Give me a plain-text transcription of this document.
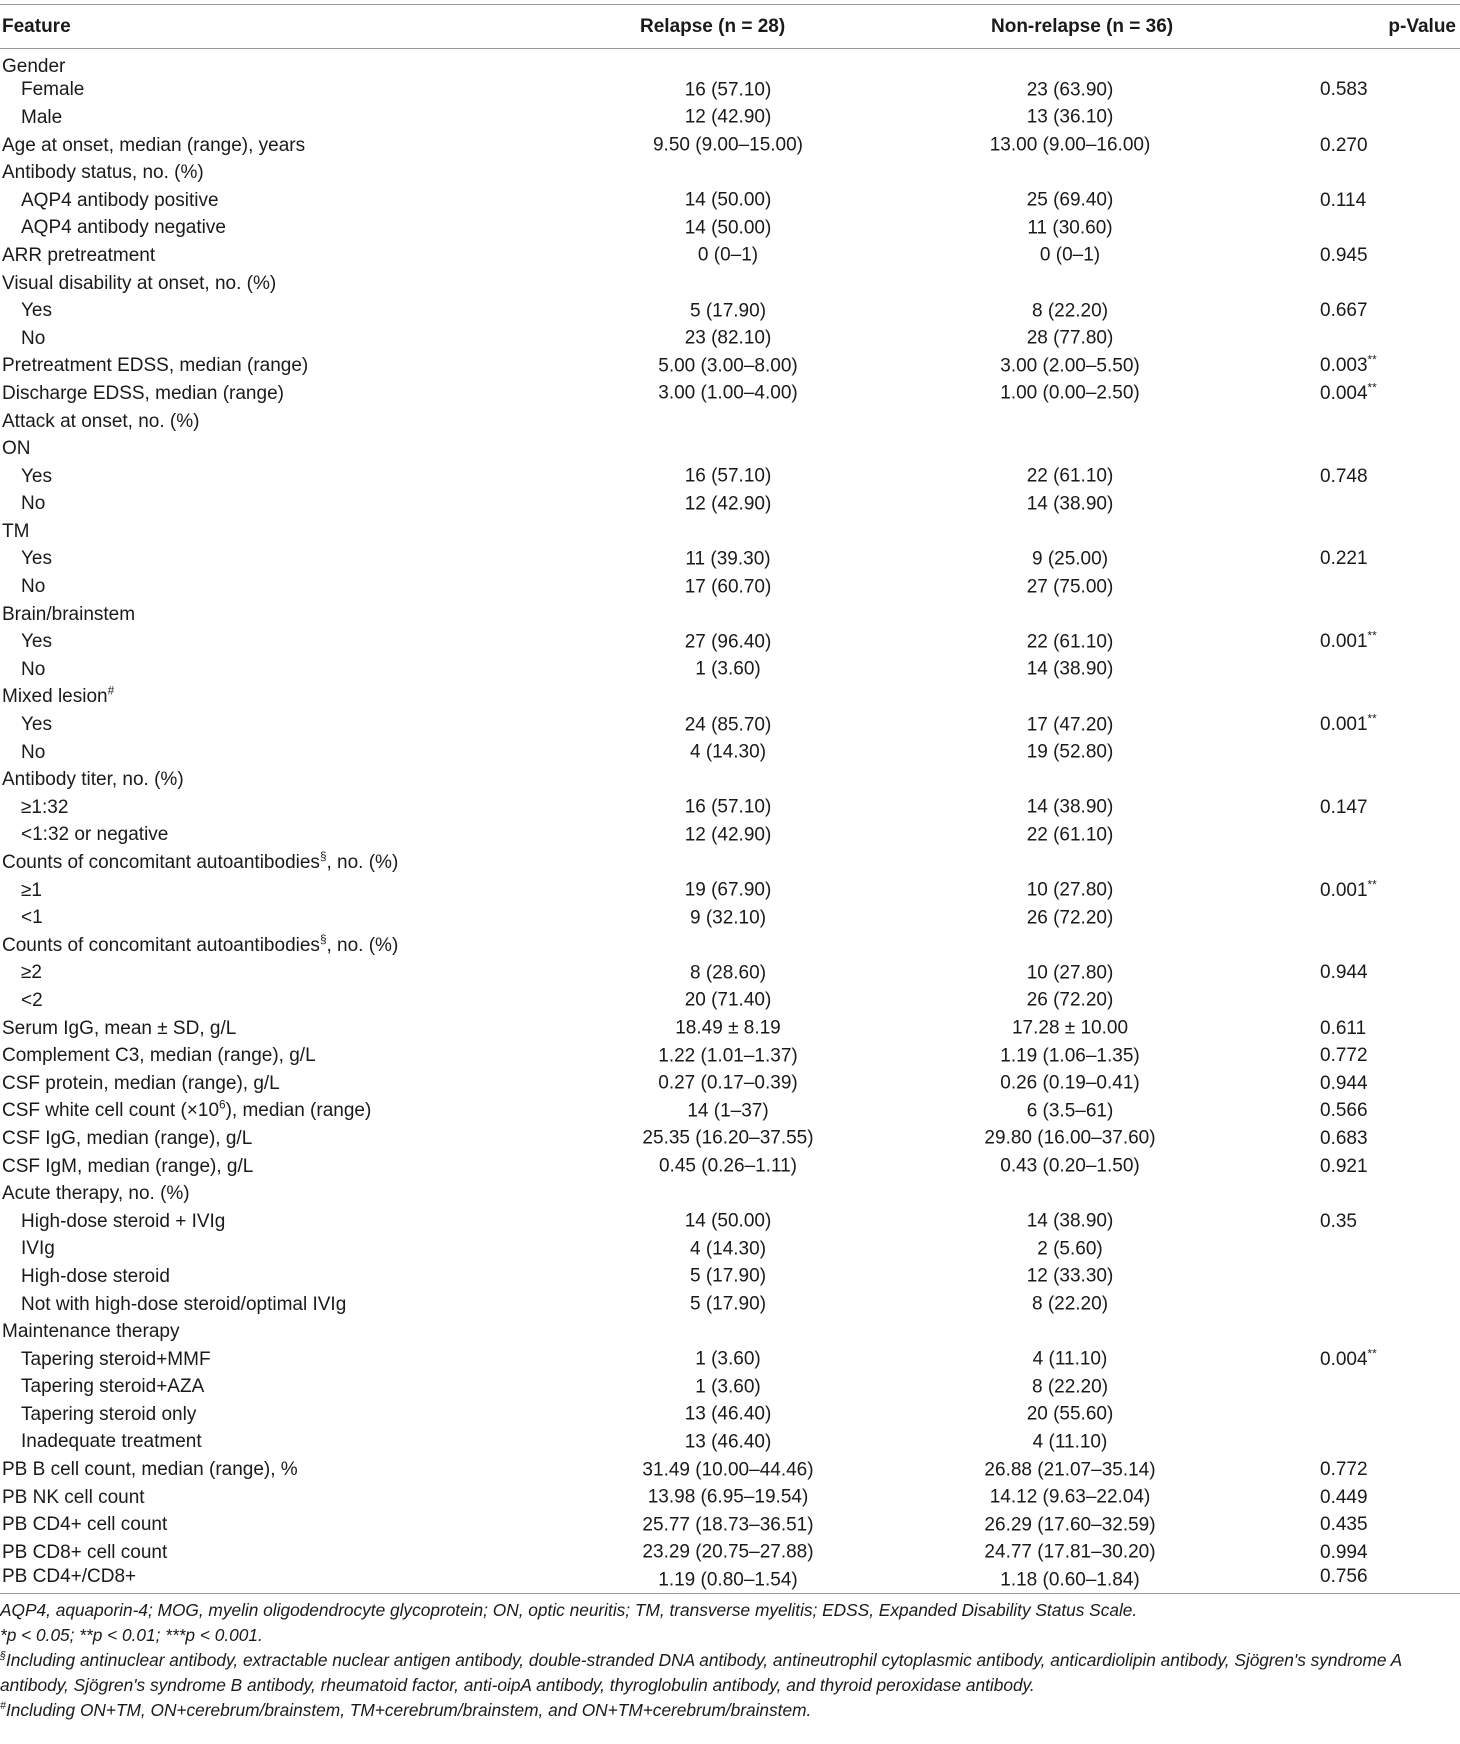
Feature	Relapse (n = 28)	Non-relapse (n = 36)	p-Value
Gender	

Female	16 (57.10)	23 (63.90)	0.583
Male	12 (42.90)	13 (36.10)	

Age at onset, median (range), years	9.50 (9.00–15.00)	13.00 (9.00–16.00)	0.270
Antibody status, no. (%)	

AQP4 antibody positive	14 (50.00)	25 (69.40)	0.114
AQP4 antibody negative	14 (50.00)	11 (30.60)	

ARR pretreatment	0 (0–1)	0 (0–1)	0.945
Visual disability at onset, no. (%)	

Yes	5 (17.90)	8 (22.20)	0.667
No	23 (82.10)	28 (77.80)	

Pretreatment EDSS, median (range)	5.00 (3.00–8.00)	3.00 (2.00–5.50)	0.003**
Discharge EDSS, median (range)	3.00 (1.00–4.00)	1.00 (0.00–2.50)	0.004**
Attack at onset, no. (%)	

ON	

Yes	16 (57.10)	22 (61.10)	0.748
No	12 (42.90)	14 (38.90)	

TM	

Yes	11 (39.30)	9 (25.00)	0.221
No	17 (60.70)	27 (75.00)	

Brain/brainstem	

Yes	27 (96.40)	22 (61.10)	0.001**
No	1 (3.60)	14 (38.90)	

Mixed lesion#	

Yes	24 (85.70)	17 (47.20)	0.001**
No	4 (14.30)	19 (52.80)	

Antibody titer, no. (%)	

≥1:32	16 (57.10)	14 (38.90)	0.147
<1:32 or negative	12 (42.90)	22 (61.10)	

Counts of concomitant autoantibodies§, no. (%)	

≥1	19 (67.90)	10 (27.80)	0.001**
<1	9 (32.10)	26 (72.20)	

Counts of concomitant autoantibodies§, no. (%)	

≥2	8 (28.60)	10 (27.80)	0.944
<2	20 (71.40)	26 (72.20)	

Serum IgG, mean ± SD, g/L	18.49 ± 8.19	17.28 ± 10.00	0.611
Complement C3, median (range), g/L	1.22 (1.01–1.37)	1.19 (1.06–1.35)	0.772
CSF protein, median (range), g/L	0.27 (0.17–0.39)	0.26 (0.19–0.41)	0.944
CSF white cell count $(\times 10^6)$, median (range)	14 (1–37)	6 (3.5–61)	0.566
CSF IgG, median (range), g/L	25.35 (16.20–37.55)	29.80 (16.00–37.60)	0.683
CSF IgM, median (range), g/L	0.45 (0.26–1.11)	0.43 (0.20–1.50)	0.921
Acute therapy, no. (%)	

High-dose steroid + IVIg	14 (50.00)	14 (38.90)	0.35
IVIg	4 (14.30)	2 (5.60)	

High-dose steroid	5 (17.90)	12 (33.30)	

Not with high-dose steroid/optimal IVIg	5 (17.90)	8 (22.20)	

Maintenance therapy	

Tapering steroid+MMF	1 (3.60)	4 (11.10)	0.004**
Tapering steroid+AZA	1 (3.60)	8 (22.20)	

Tapering steroid only	13 (46.40)	20 (55.60)	

Inadequate treatment	13 (46.40)	4 (11.10)	

PB B cell count, median (range), %	31.49 (10.00–44.46)	26.88 (21.07–35.14)	0.772
PB NK cell count	13.98 (6.95–19.54)	14.12 (9.63–22.04)	0.449
PB CD4+ cell count	25.77 (18.73–36.51)	26.29 (17.60–32.59)	0.435
PB CD8+ cell count	23.29 (20.75–27.88)	24.77 (17.81–30.20)	0.994
PB CD4+/CD8+	1.19 (0.80–1.54)	1.18 (0.60–1.84)	0.756

AQP4, aquaporin-4; MOG, myelin oligodendrocyte glycoprotein; ON, optic neuritis; TM, transverse myelitis; EDSS, Expanded Disability Status Scale.

*p < 0.05; **p < 0.01; ***p < 0.001.

§Including antinuclear antibody, extractable nuclear antigen antibody, double-stranded DNA antibody, antineutrophil cytoplasmic antibody, anticardiolipin antibody, Sjögren's syndrome A antibody, Sjögren's syndrome B antibody, rheumatoid factor, anti-oipA antibody, thyroglobulin antibody, and thyroid peroxidase antibody.

#Including ON+TM, ON+cerebrum/brainstem, TM+cerebrum/brainstem, and ON+TM+cerebrum/brainstem.
